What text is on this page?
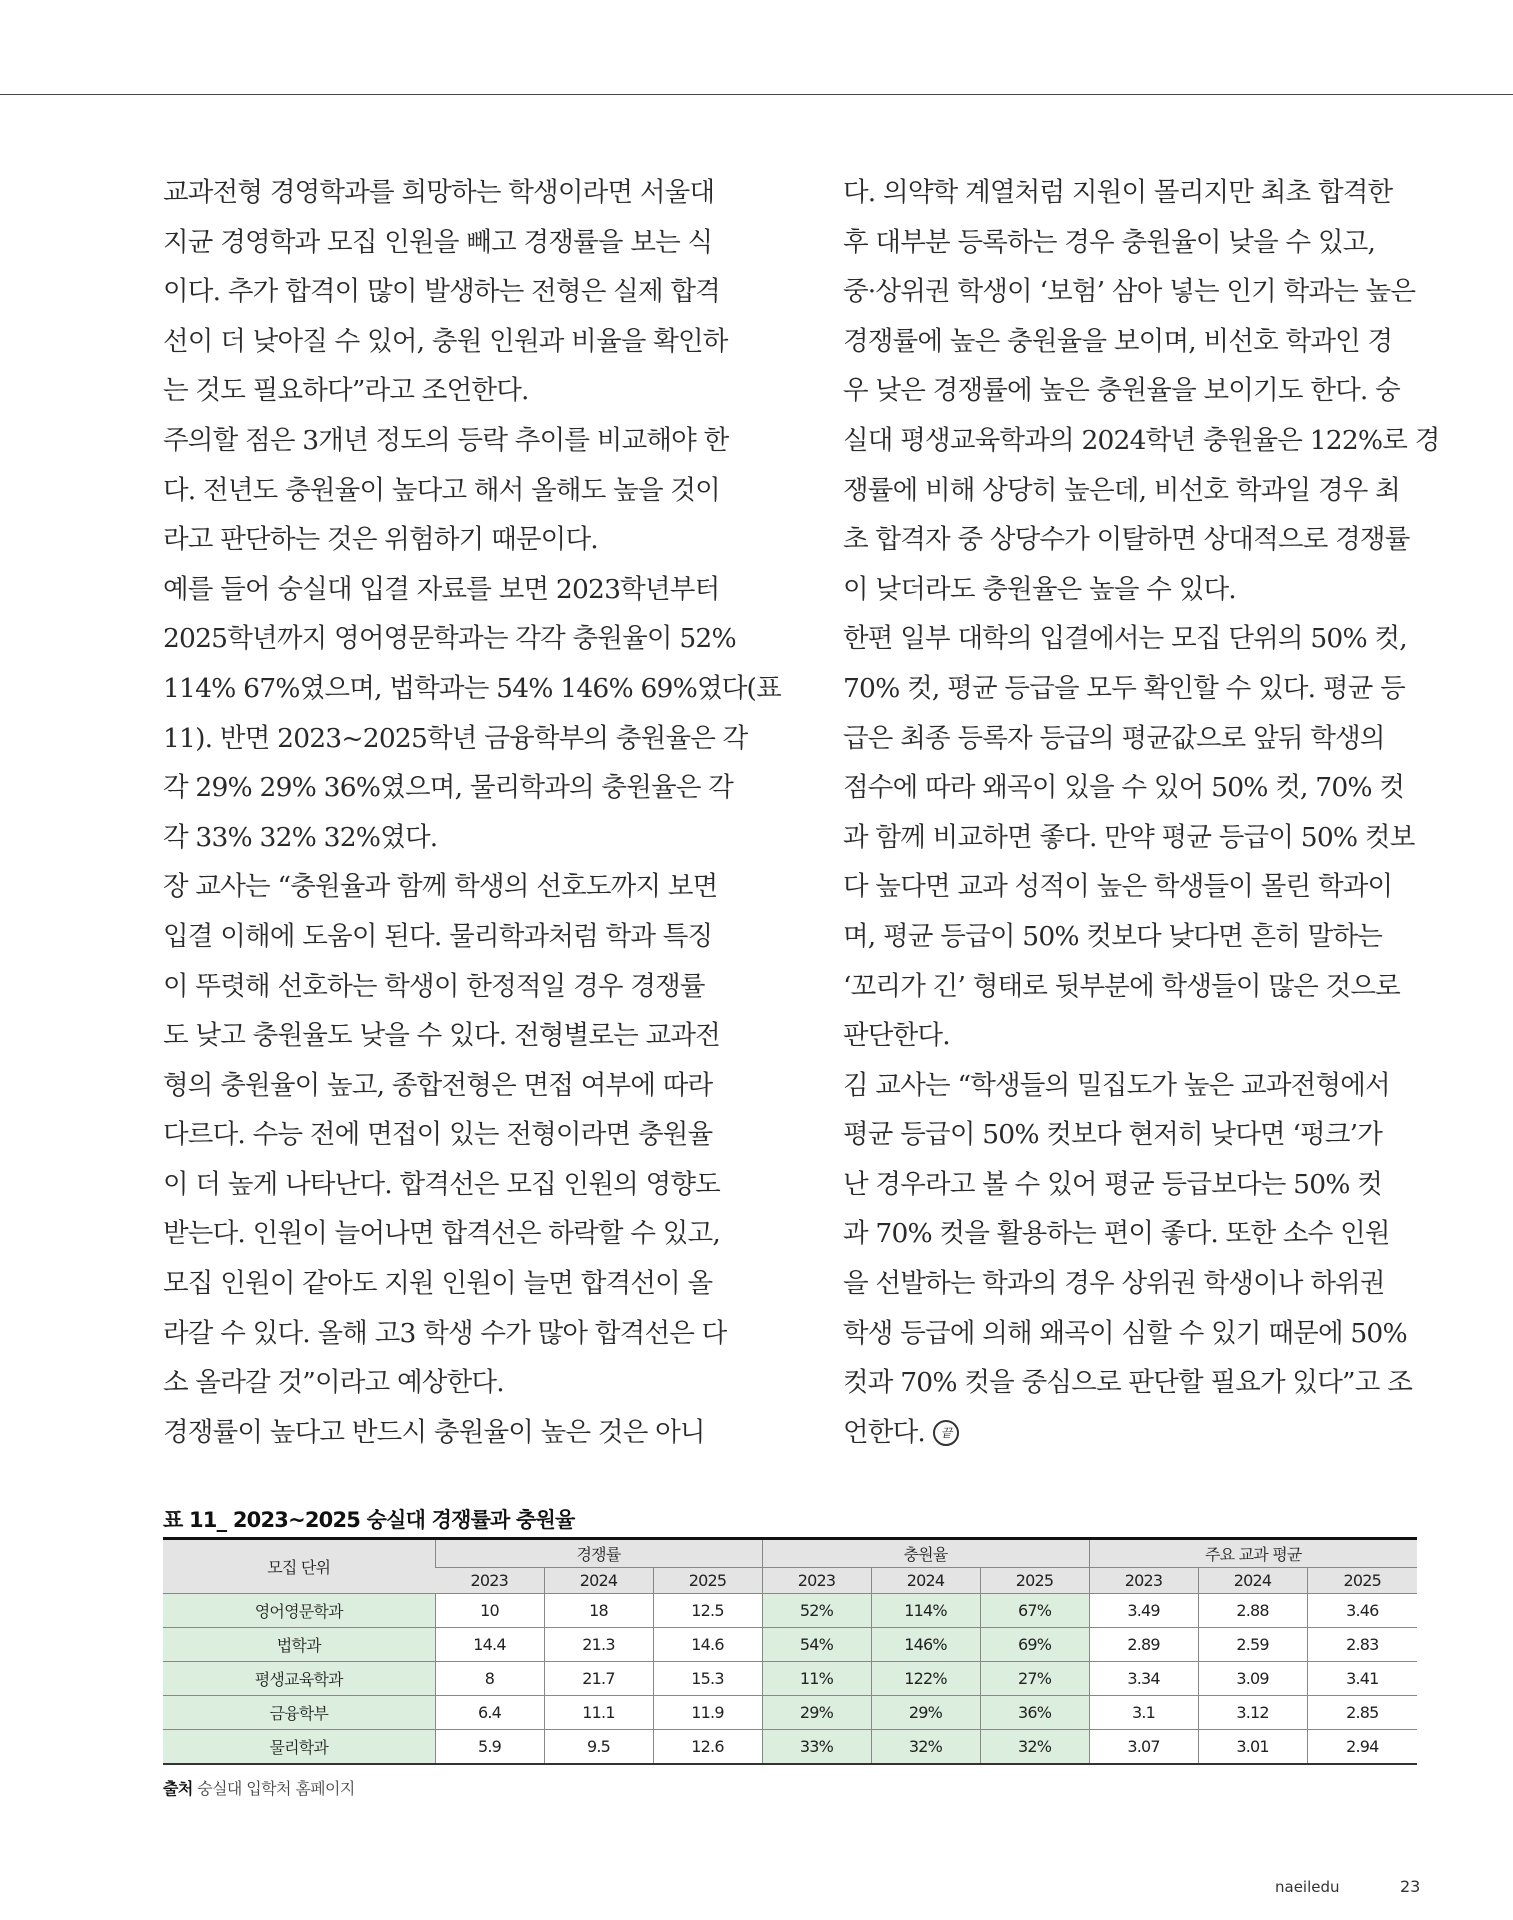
교과전형 경영학과를 희망하는 학생이라면 서울대

지균 경영학과 모집 인원을 빼고 경쟁률을 보는 식

이다. 추가 합격이 많이 발생하는 전형은 실제 합격

선이 더 낮아질 수 있어, 충원 인원과 비율을 확인하

는 것도 필요하다”라고 조언한다.

주의할 점은 3개년 정도의 등락 추이를 비교해야 한

다. 전년도 충원율이 높다고 해서 올해도 높을 것이

라고 판단하는 것은 위험하기 때문이다.

예를 들어 숭실대 입결 자료를 보면 2023학년부터

2025학년까지 영어영문학과는 각각 충원율이 52%

114% 67%였으며, 법학과는 54% 146% 69%였다(표

11). 반면 2023~2025학년 금융학부의 충원율은 각

각 29% 29% 36%였으며, 물리학과의 충원율은 각

각 33% 32% 32%였다.

장 교사는 “충원율과 함께 학생의 선호도까지 보면

입결 이해에 도움이 된다. 물리학과처럼 학과 특징

이 뚜렷해 선호하는 학생이 한정적일 경우 경쟁률

도 낮고 충원율도 낮을 수 있다. 전형별로는 교과전

형의 충원율이 높고, 종합전형은 면접 여부에 따라

다르다. 수능 전에 면접이 있는 전형이라면 충원율

이 더 높게 나타난다. 합격선은 모집 인원의 영향도

받는다. 인원이 늘어나면 합격선은 하락할 수 있고,

모집 인원이 같아도 지원 인원이 늘면 합격선이 올

라갈 수 있다. 올해 고3 학생 수가 많아 합격선은 다

소 올라갈 것”이라고 예상한다.

경쟁률이 높다고 반드시 충원율이 높은 것은 아니

다. 의약학 계열처럼 지원이 몰리지만 최초 합격한

후 대부분 등록하는 경우 충원율이 낮을 수 있고,

중·상위권 학생이 ‘보험’ 삼아 넣는 인기 학과는 높은

경쟁률에 높은 충원율을 보이며, 비선호 학과인 경

우 낮은 경쟁률에 높은 충원율을 보이기도 한다. 숭

실대 평생교육학과의 2024학년 충원율은 122%로 경

쟁률에 비해 상당히 높은데, 비선호 학과일 경우 최

초 합격자 중 상당수가 이탈하면 상대적으로 경쟁률

이 낮더라도 충원율은 높을 수 있다.

한편 일부 대학의 입결에서는 모집 단위의 50% 컷,

70% 컷, 평균 등급을 모두 확인할 수 있다. 평균 등

급은 최종 등록자 등급의 평균값으로 앞뒤 학생의

점수에 따라 왜곡이 있을 수 있어 50% 컷, 70% 컷

과 함께 비교하면 좋다. 만약 평균 등급이 50% 컷보

다 높다면 교과 성적이 높은 학생들이 몰린 학과이

며, 평균 등급이 50% 컷보다 낮다면 흔히 말하는

‘꼬리가 긴’ 형태로 뒷부분에 학생들이 많은 것으로

판단한다.

김 교사는 “학생들의 밀집도가 높은 교과전형에서

평균 등급이 50% 컷보다 현저히 낮다면 ‘펑크’가

난 경우라고 볼 수 있어 평균 등급보다는 50% 컷

과 70% 컷을 활용하는 편이 좋다. 또한 소수 인원

을 선발하는 학과의 경우 상위권 학생이나 하위권

학생 등급에 의해 왜곡이 심할 수 있기 때문에 50%

컷과 70% 컷을 중심으로 판단할 필요가 있다”고 조

언한다. 끝

표 11_ 2023~2025 숭실대 경쟁률과 충원율

모집 단위	경쟁률			충원율			주요 교과 평균		
	2023	2024	2025	2023	2024	2025	2023	2024	2025
영어영문학과	10	18	12.5	52%	114%	67%	3.49	2.88	3.46
법학과	14.4	21.3	14.6	54%	146%	69%	2.89	2.59	2.83
평생교육학과	8	21.7	15.3	11%	122%	27%	3.34	3.09	3.41
금융학부	6.4	11.1	11.9	29%	29%	36%	3.1	3.12	2.85
물리학과	5.9	9.5	12.6	33%	32%	32%	3.07	3.01	2.94

출처 숭실대 입학처 홈페이지

naeiledu	23
